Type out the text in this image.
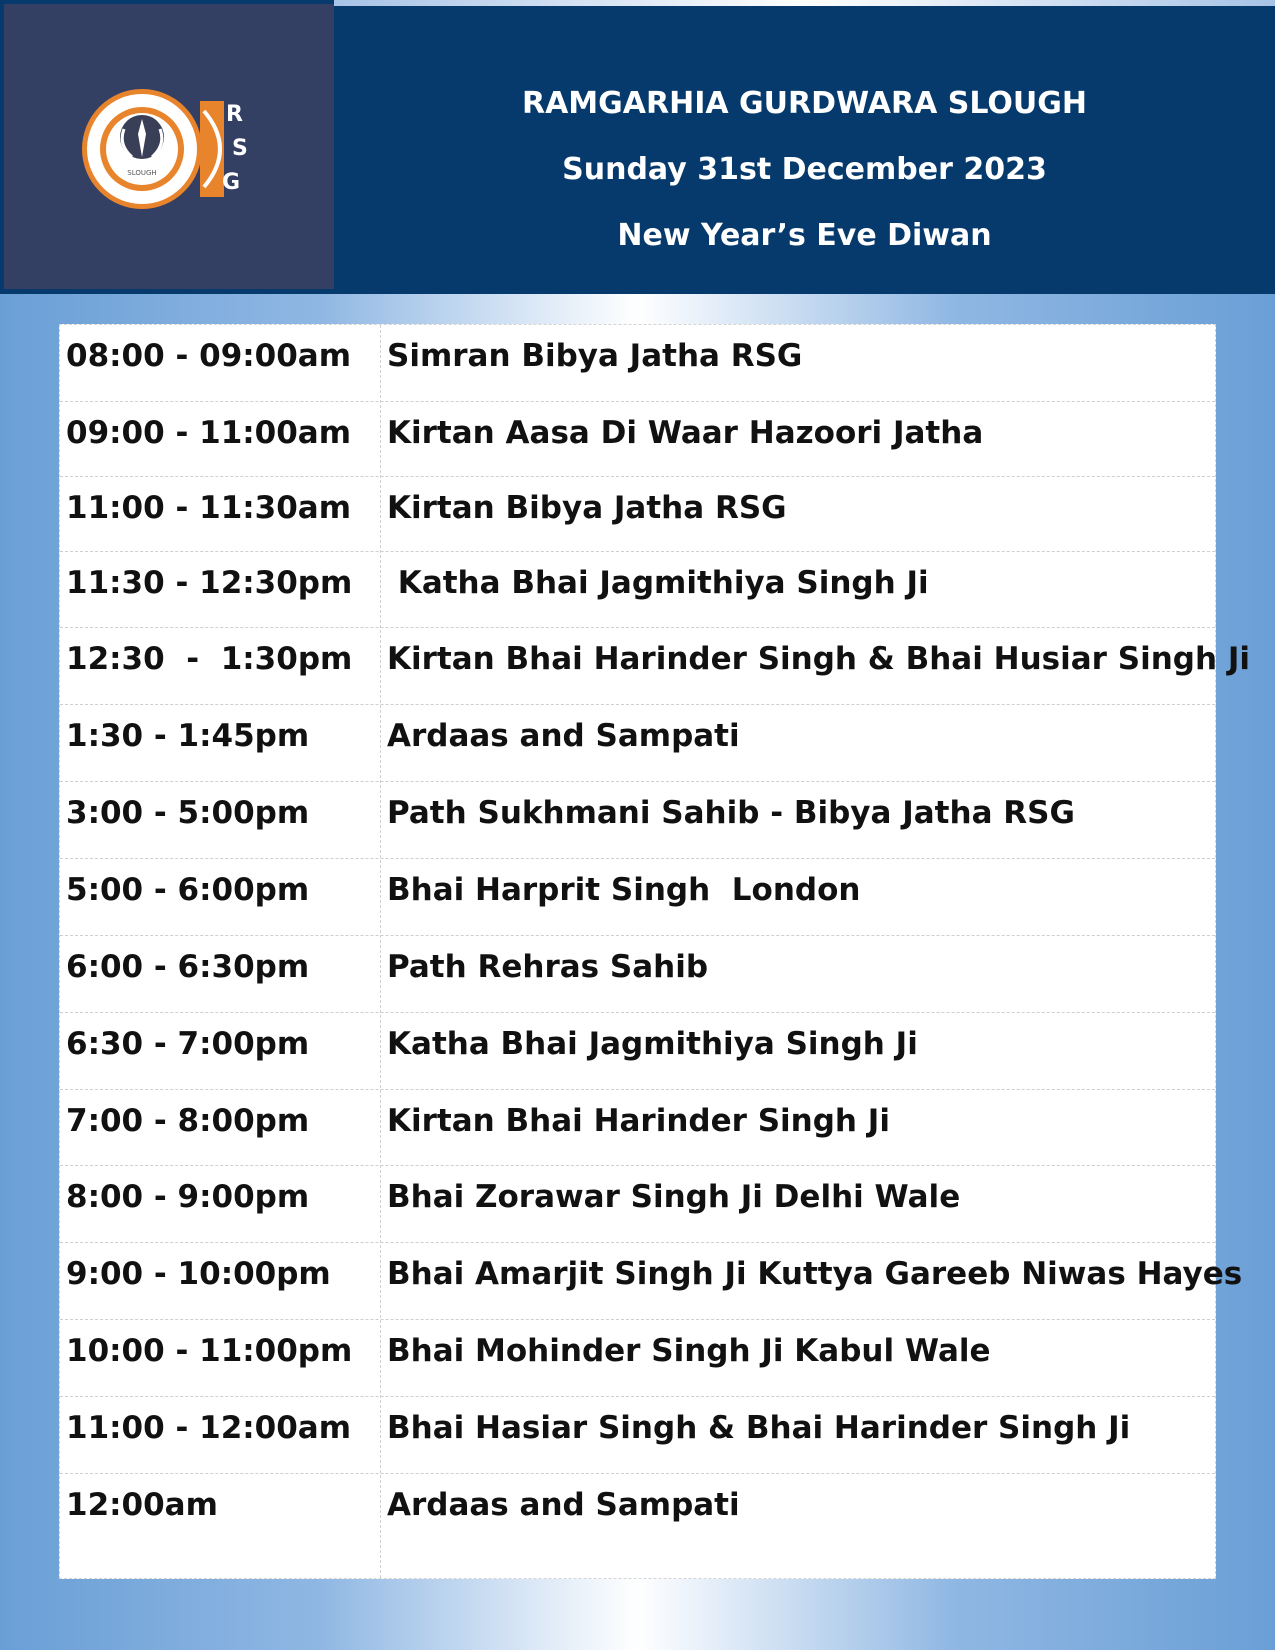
SLOUGH
R
S
G
RAMGARHIA GURDWARA SLOUGH
Sunday 31st December 2023
New Year’s Eve Diwan
08:00 - 09:00am Simran Bibya Jatha RSG
09:00 - 11:00am Kirtan Aasa Di Waar Hazoori Jatha
11:00 - 11:30am Kirtan Bibya Jatha RSG
11:30 - 12:30pm Katha Bhai Jagmithiya Singh Ji
12:30  -  1:30pm Kirtan Bhai Harinder Singh & Bhai Husiar Singh Ji
1:30 - 1:45pm	Ardaas and Sampati
3:00 - 5:00pm	Path Sukhmani Sahib - Bibya Jatha RSG
5:00 - 6:00pm	Bhai Harprit Singh  London
6:00 - 6:30pm	Path Rehras Sahib
6:30 - 7:00pm	Katha Bhai Jagmithiya Singh Ji
7:00 - 8:00pm	Kirtan Bhai Harinder Singh Ji
8:00 - 9:00pm	Bhai Zorawar Singh Ji Delhi Wale
9:00 - 10:00pm Bhai Amarjit Singh Ji Kuttya Gareeb Niwas Hayes
10:00 - 11:00pm Bhai Mohinder Singh Ji Kabul Wale
11:00 - 12:00am Bhai Hasiar Singh & Bhai Harinder Singh Ji
12:00am	Ardaas and Sampati
